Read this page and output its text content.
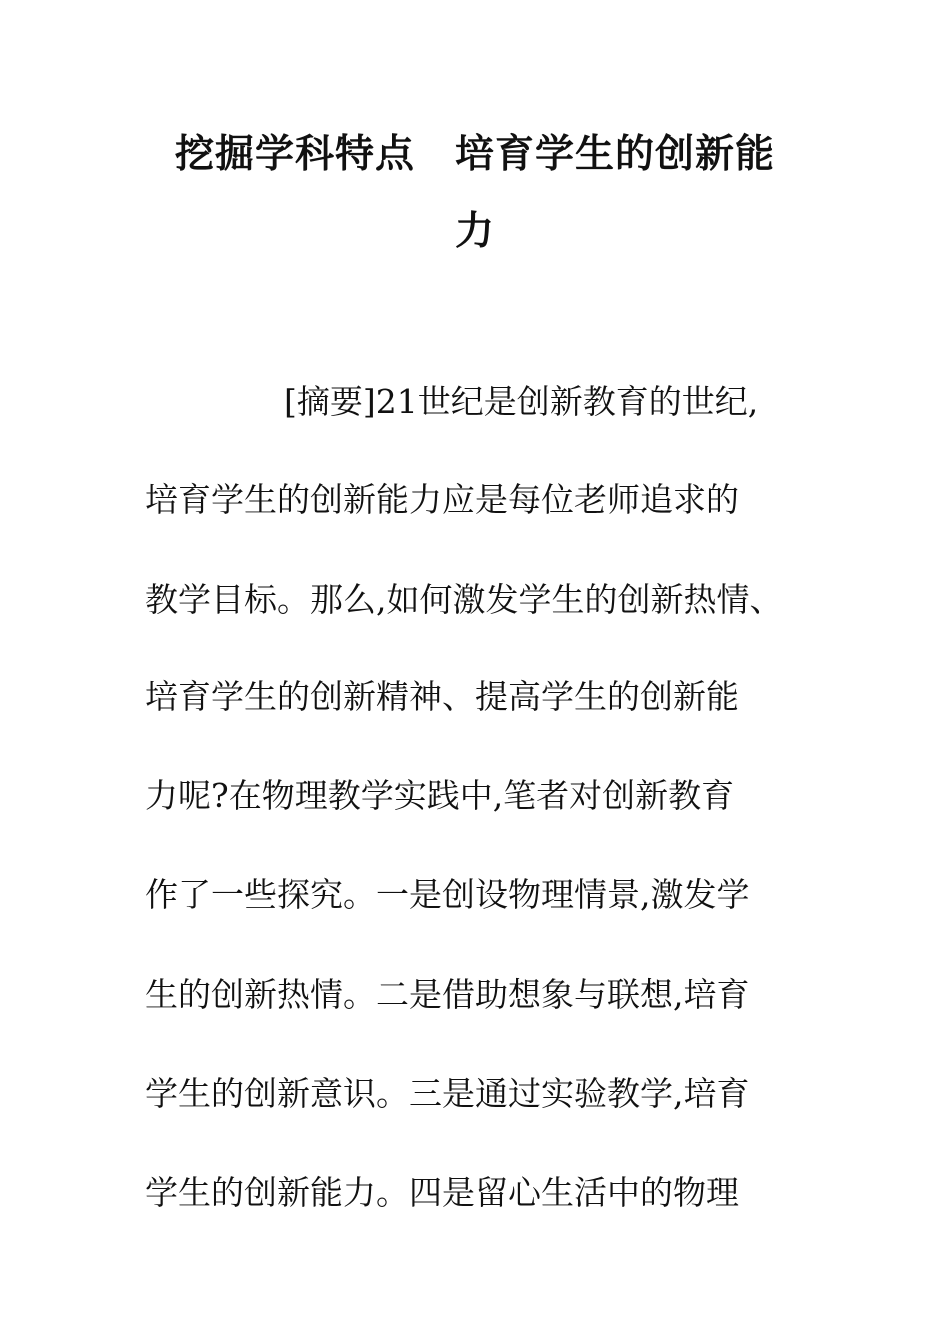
挖掘学科特点　培育学生的创新能
力
[摘要]21世纪是创新教育的世纪,
培育学生的创新能力应是每位老师追求的
教学目标。那么,如何激发学生的创新热情、
培育学生的创新精神、提高学生的创新能
力呢?在物理教学实践中,笔者对创新教育
作了一些探究。一是创设物理情景,激发学
生的创新热情。二是借助想象与联想,培育
学生的创新意识。三是通过实验教学,培育
学生的创新能力。四是留心生活中的物理
